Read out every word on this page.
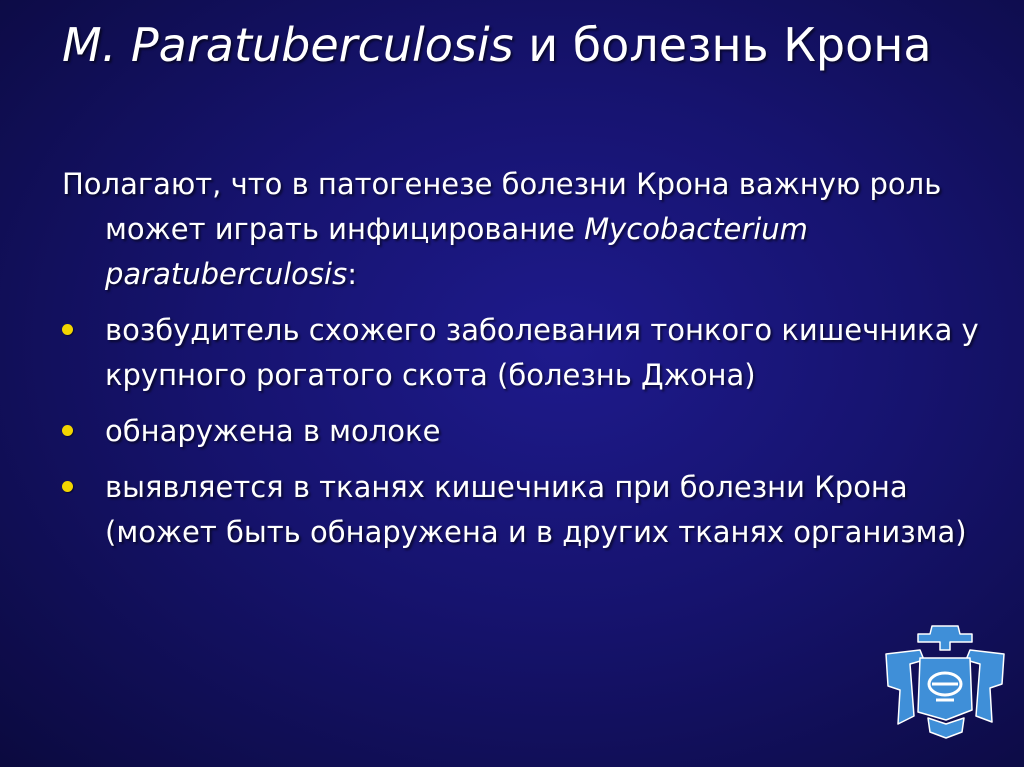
M. Paratuberculosis и болезнь Крона

Полагают, что в патогенезе болезни Крона важную роль может играть инфицирование Mycobacterium paratuberculosis:

возбудитель схожего заболевания тонкого кишечника у крупного рогатого скота (болезнь Джона)
обнаружена в молоке
выявляется в тканях кишечника при болезни Крона (может быть обнаружена и в других тканях организма)
